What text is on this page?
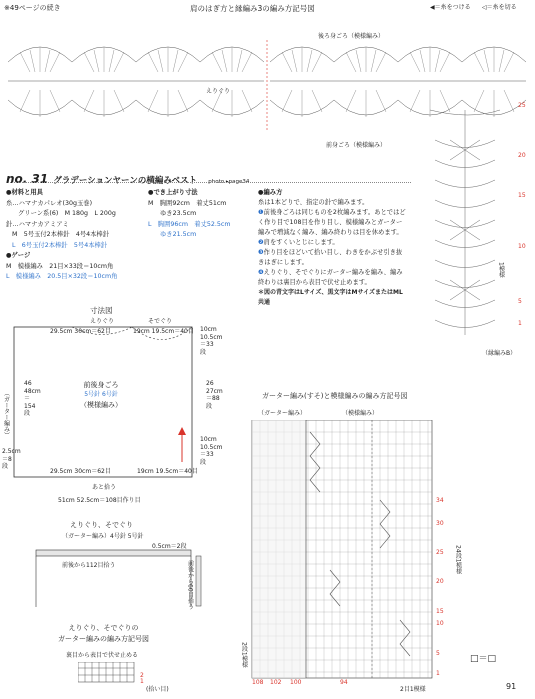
※49ページの続き	肩のはぎ方と縁編み3の編み方記号図	◀＝糸をつける ◁＝糸を切る
後ろ身ごろ（模様編み）
えりぐり
前身ごろ（模様編み）
25
20
15
10
5
1
1模様
（縁編みB）
no. 31 グラデーションヤーンの横編みベスト photo ▸page34
●材料と用具
糸…ハマナカパレオ(30g玉巻)
グリーン系(6)　M 180g　L 200g
針…ハマナカアミアミ
M　5号玉付2本棒針　4号4本棒針
L　6号玉付2本棒針　5号4本棒針
●ゲージ
M　模様編み　21目×33段＝10cm角
L　模様編み　20.5目×32段＝10cm角
●でき上がり寸法
M　胸囲92cm　着丈51cm
ゆき23.5cm
L　胸囲96cm　着丈52.5cm
ゆき21.5cm
●編み方
糸は1本どりで、指定の針で編みます。
❶前後身ごろは同じものを2枚編みます。あとではどく作り目で108目を作り目し、模様編みとガーター編みで増減なく編み、編み終わりは目を休めます。
❷肩をすくいとじにします。
❸作り目をほどいて拾い目し、わきをかぶせ引き抜きはぎにします。
❹えりぐり、そでぐりにガーター編みを編み、編み終わりは裏目から表目で伏せ止めます。
＊図の青文字はLサイズ、黒文字はMサイズまたはML共通
寸法図
そでぐり
えりぐり
29.5cm 30cm＝62目	19cm 19.5cm＝40目 10cm 10.5cm＝33段
46 48cm＝154段
前後身ごろ
5号針 6号針
（模様編み）
26 27cm＝88段
10cm 10.5cm＝33段
29.5cm 30cm＝62目	19cm 19.5cm＝40目
あと拾う
51cm 52.5cm＝108目作り目
（ガーター編み）
2.5cm＝8段
えりぐり、そでぐり
（ガーター編み）4号針 5号針
0.5cm＝2段
前後から112目拾う	前後から60目拾う
えりぐり、そでぐりの
ガーター編みの編み方記号図
裏目から表目で伏せ止める
2
1
(拾い目)
ガーター編み(すそ)と模様編みの編み方記号図
（ガーター編み）	（模様編み）
34
30
25
20
15
10
5
1
24段1模様
2段1模様
108	100
102	94
2目1模様
□＝□
91
